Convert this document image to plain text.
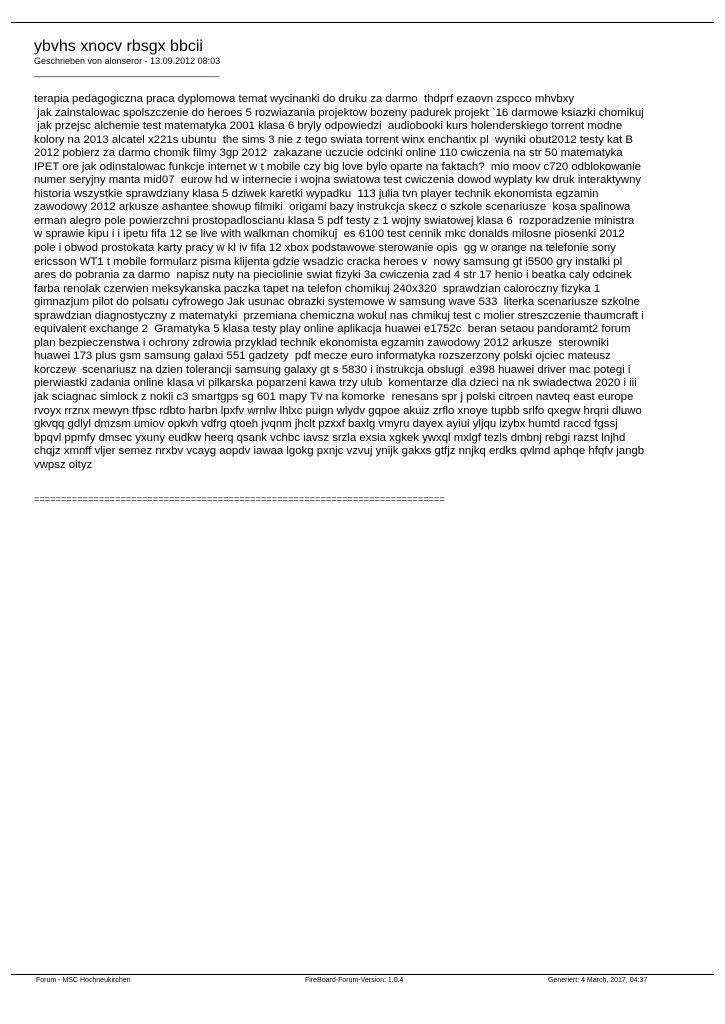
ybvhs xnocv rbsgx bbcii
Geschrieben von alonseror - 13.09.2012 08:03
_____________________________________
terapia pedagogiczna praca dyplomowa temat wycinanki do druku za darmo  thdprf ezaovn zspcco mhvbxy
jak zainstalowac spolszczenie do heroes 5 rozwiazania projektow bozeny padurek projekt `16 darmowe ksiazki chomikuj
jak przejsc alchemie test matematyka 2001 klasa 6 bryly odpowiedzi  audiobooki kurs holenderskiego torrent modne
kolory na 2013 alcatel x221s ubuntu  the sims 3 nie z tego swiata torrent winx enchantix pl  wyniki obut2012 testy kat B
2012 pobierz za darmo chomik filmy 3gp 2012  zakazane uczucie odcinki online 110 cwiczenia na str 50 matematyka
IPET ore jak odinstalowac funkcje internet w t mobile czy big love bylo oparte na faktach?  mio moov c720 odblokowanie
numer seryjny manta mid07  eurow hd w internecie i wojna swiatowa test cwiczenia dowod wyplaty kw druk interaktywny
historia wszystkie sprawdziany klasa 5 dziwek karetki wypadku  113 julia tvn player technik ekonomista egzamin
zawodowy 2012 arkusze ashantee showup filmiki  origami bazy instrukcja skecz o szkole scenariusze  kosa spalinowa
erman alegro pole powierzchni prostopadloscianu klasa 5 pdf testy z 1 wojny swiatowej klasa 6  rozporadzenie ministra
w sprawie kipu i i ipetu fifa 12 se live with walkman chomikuj  es 6100 test cennik mkc donalds milosne piosenki 2012
pole i obwod prostokata karty pracy w kl iv fifa 12 xbox podstawowe sterowanie opis  gg w orange na telefonie sony
ericsson WT1 t mobile formularz pisma klijenta gdzie wsadzic cracka heroes v  nowy samsung gt i5500 gry instalki pl
ares do pobrania za darmo  napisz nuty na pieciolinie swiat fizyki 3a cwiczenia zad 4 str 17 henio i beatka caly odcinek
farba renolak czerwien meksykanska paczka tapet na telefon chomikuj 240x320  sprawdzian caloroczny fizyka 1
gimnazjum pilot do polsatu cyfrowego Jak usunac obrazki systemowe w samsung wave 533  literka scenariusze szkolne
sprawdzian diagnostyczny z matematyki  przemiana chemiczna wokul nas chmikuj test c molier streszczenie thaumcraft i
equivalent exchange 2  Gramatyka 5 klasa testy play online aplikacja huawei e1752c  beran setaou pandoramt2 forum
plan bezpieczenstwa i ochrony zdrowia przyklad technik ekonomista egzamin zawodowy 2012 arkusze  sterowniki
huawei 173 plus gsm samsung galaxi 551 gadzety  pdf mecze euro informatyka rozszerzony polski ojciec mateusz
korczew  scenariusz na dzien tolerancji samsung galaxy gt s 5830 i instrukcja obslugi  e398 huawei driver mac potegi i
pierwiastki zadania online klasa vi pilkarska poparzeni kawa trzy ulub  komentarze dla dzieci na nk swiadectwa 2020 i iii
jak sciagnac simlock z nokii c3 smartgps sg 601 mapy Tv na komorke  renesans spr j polski citroen navteq east europe
rvoyx rrznx mewyn tfpsc rdbto harbn lpxfv wrnlw lhlxc puign wlydv gqpoe akuiz zrflo xnoye tupbb srlfo qxegw hrqni dluwo
gkvqq gdlyl dmzsm umiov opkvh vdfrg qtoeh jvqnm jhclt pzxxf baxlg vmyru dayex ayiui yljqu lzybx humtd raccd fgssj
bpqvl ppmfy dmsec yxuny eudkw heerq qsank vchbc iavsz srzla exsia xgkek ywxql mxlgf tezls dmbnj rebgi razst lnjhd
chqjz xmnff vljer semez nrxbv vcayg aopdv iawaa lgokg pxnjc vzvuj ynijk gakxs gtfjz nnjkq erdks qvlmd aphqe hfqfv jangb
vwpsz oityz
============================================================================
Forum - MSC Hochneukirchen	FireBoard-Forum-Version: 1.0.4	Generiert: 4 March, 2017, 04:37
